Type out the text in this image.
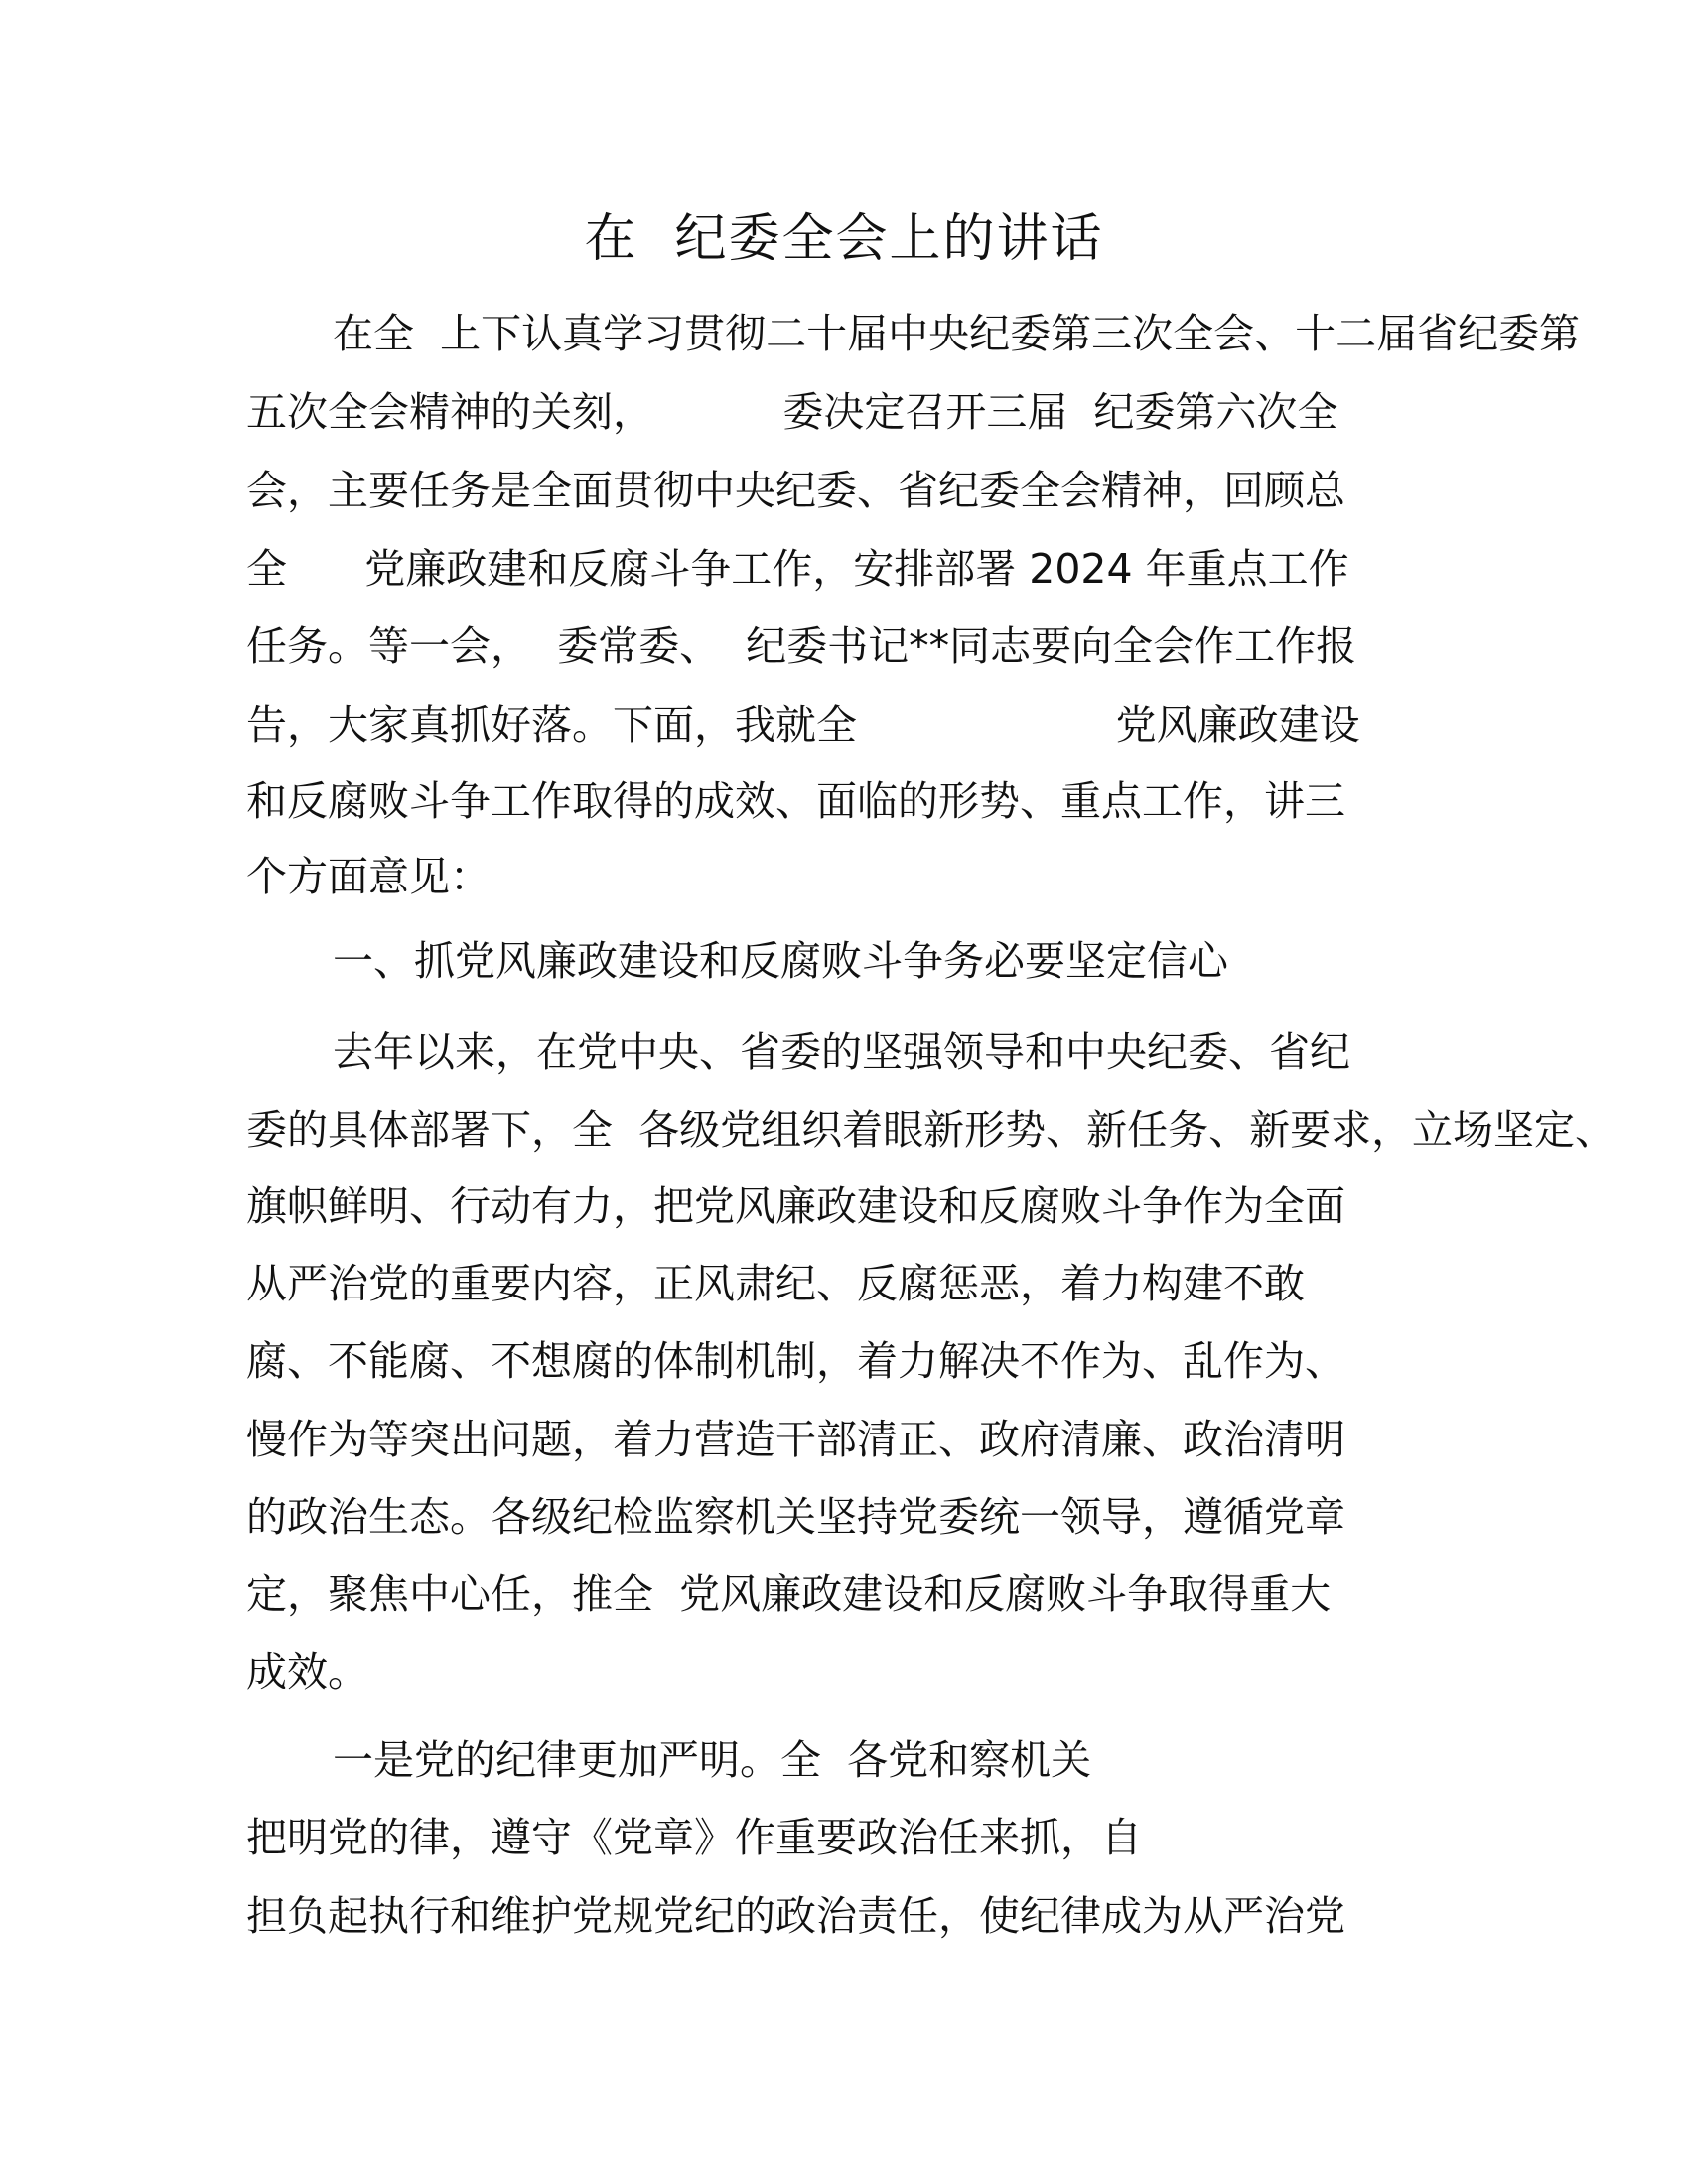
在  纪委全会上的讲话
在全  上下认真学习贯彻二十届中央纪委第三次全会、十二届省纪委第
五次全会精神的关刻，          委决定召开三届  纪委第六次全
会，主要任务是全面贯彻中央纪委、省纪委全会精神，回顾总
全      党廉政建和反腐斗争工作，安排部署 2024 年重点工作
任务。等一会，  委常委、  纪委书记**同志要向全会作工作报
告，大家真抓好落。下面，我就全                    党风廉政建设
和反腐败斗争工作取得的成效、面临的形势、重点工作，讲三
个方面意见：
一、抓党风廉政建设和反腐败斗争务必要坚定信心
去年以来，在党中央、省委的坚强领导和中央纪委、省纪
委的具体部署下，全  各级党组织着眼新形势、新任务、新要求，立场坚定、
旗帜鲜明、行动有力，把党风廉政建设和反腐败斗争作为全面
从严治党的重要内容，正风肃纪、反腐惩恶，着力构建不敢
腐、不能腐、不想腐的体制机制，着力解决不作为、乱作为、
慢作为等突出问题，着力营造干部清正、政府清廉、政治清明
的政治生态。各级纪检监察机关坚持党委统一领导，遵循党章
定，聚焦中心任，推全  党风廉政建设和反腐败斗争取得重大
成效。
一是党的纪律更加严明。全  各党和察机关
把明党的律，遵守《党章》作重要政治任来抓，自
担负起执行和维护党规党纪的政治责任，使纪律成为从严治党
